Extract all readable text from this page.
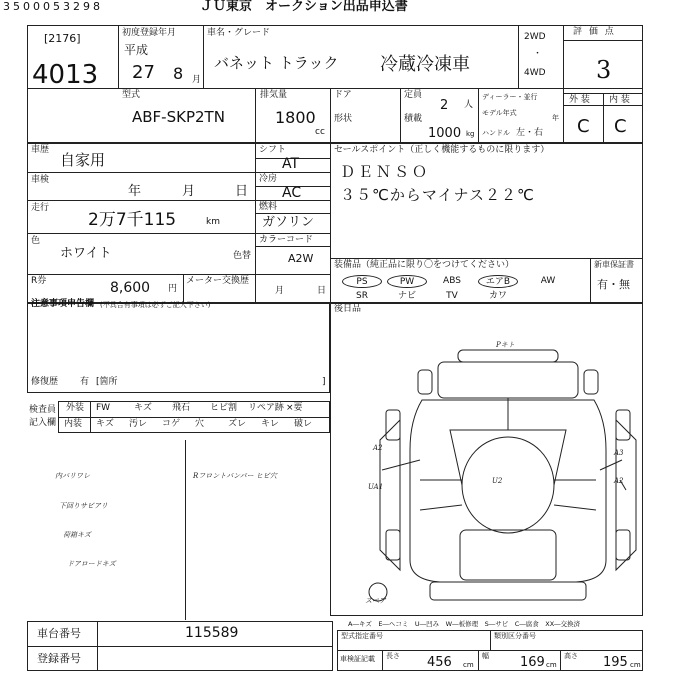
3500053298	ＪＵ東京　オークション出品申込書
[2176]
4013
初度登録年月
平成
27 8 月
車名・グレード
バネット トラック 冷蔵冷凍車
2WD
・
4WD
評 価 点
3
外 装 内 装
C C
型式
ABF-SKP2TN
排気量
1800
cc
ドア
形状
定員
2 人
積載
1000 kg
ディーラー・並行
モデル年式
年
ハンドル 左・右
車歴
自家用
車検
年	月	日
走行
2万7千115	km
色
ホワイト	色替
シフト
AT
冷房
AC
燃料
ガソリン
カラーコード
A2W
セールスポイント（正しく機能するものに限ります）
ＤＥＮＳＯ
３５℃からマイナス２２℃
R券	8,600 円
メーター交換歴
月	日
装備品（純正品に限り〇をつけてください）	新車保証書
有・無
PS	PW	ABS	エアB	AW
SR	ナビ	TV	カワ
注意事項申告欄 (不具合有事項は必ずご記入下さい)
修復歴 有 [箇所	]
後日品
検査員
記入欄
外装
内装
FW	キズ 飛石 ヒビ割 リペア跡 ×要
キズ 汚レ コゲ 穴	ズレ キレ 破レ
内バリワレ
下回りサビアリ
荷箱キズ
ドアロードキズ
Rフロントバンパー ヒビ穴
Pキト
A2
A3
UA1
A2
U2
スペア
A―キズ　E―ヘコミ　U―凹み　W―板修理　S―サビ　C―腐食　XX―交換済
車台番号	115589
登録番号
型式指定番号	類別区分番号
車検証記載 長さ 456 cm
幅 169 cm
高さ 195 cm
